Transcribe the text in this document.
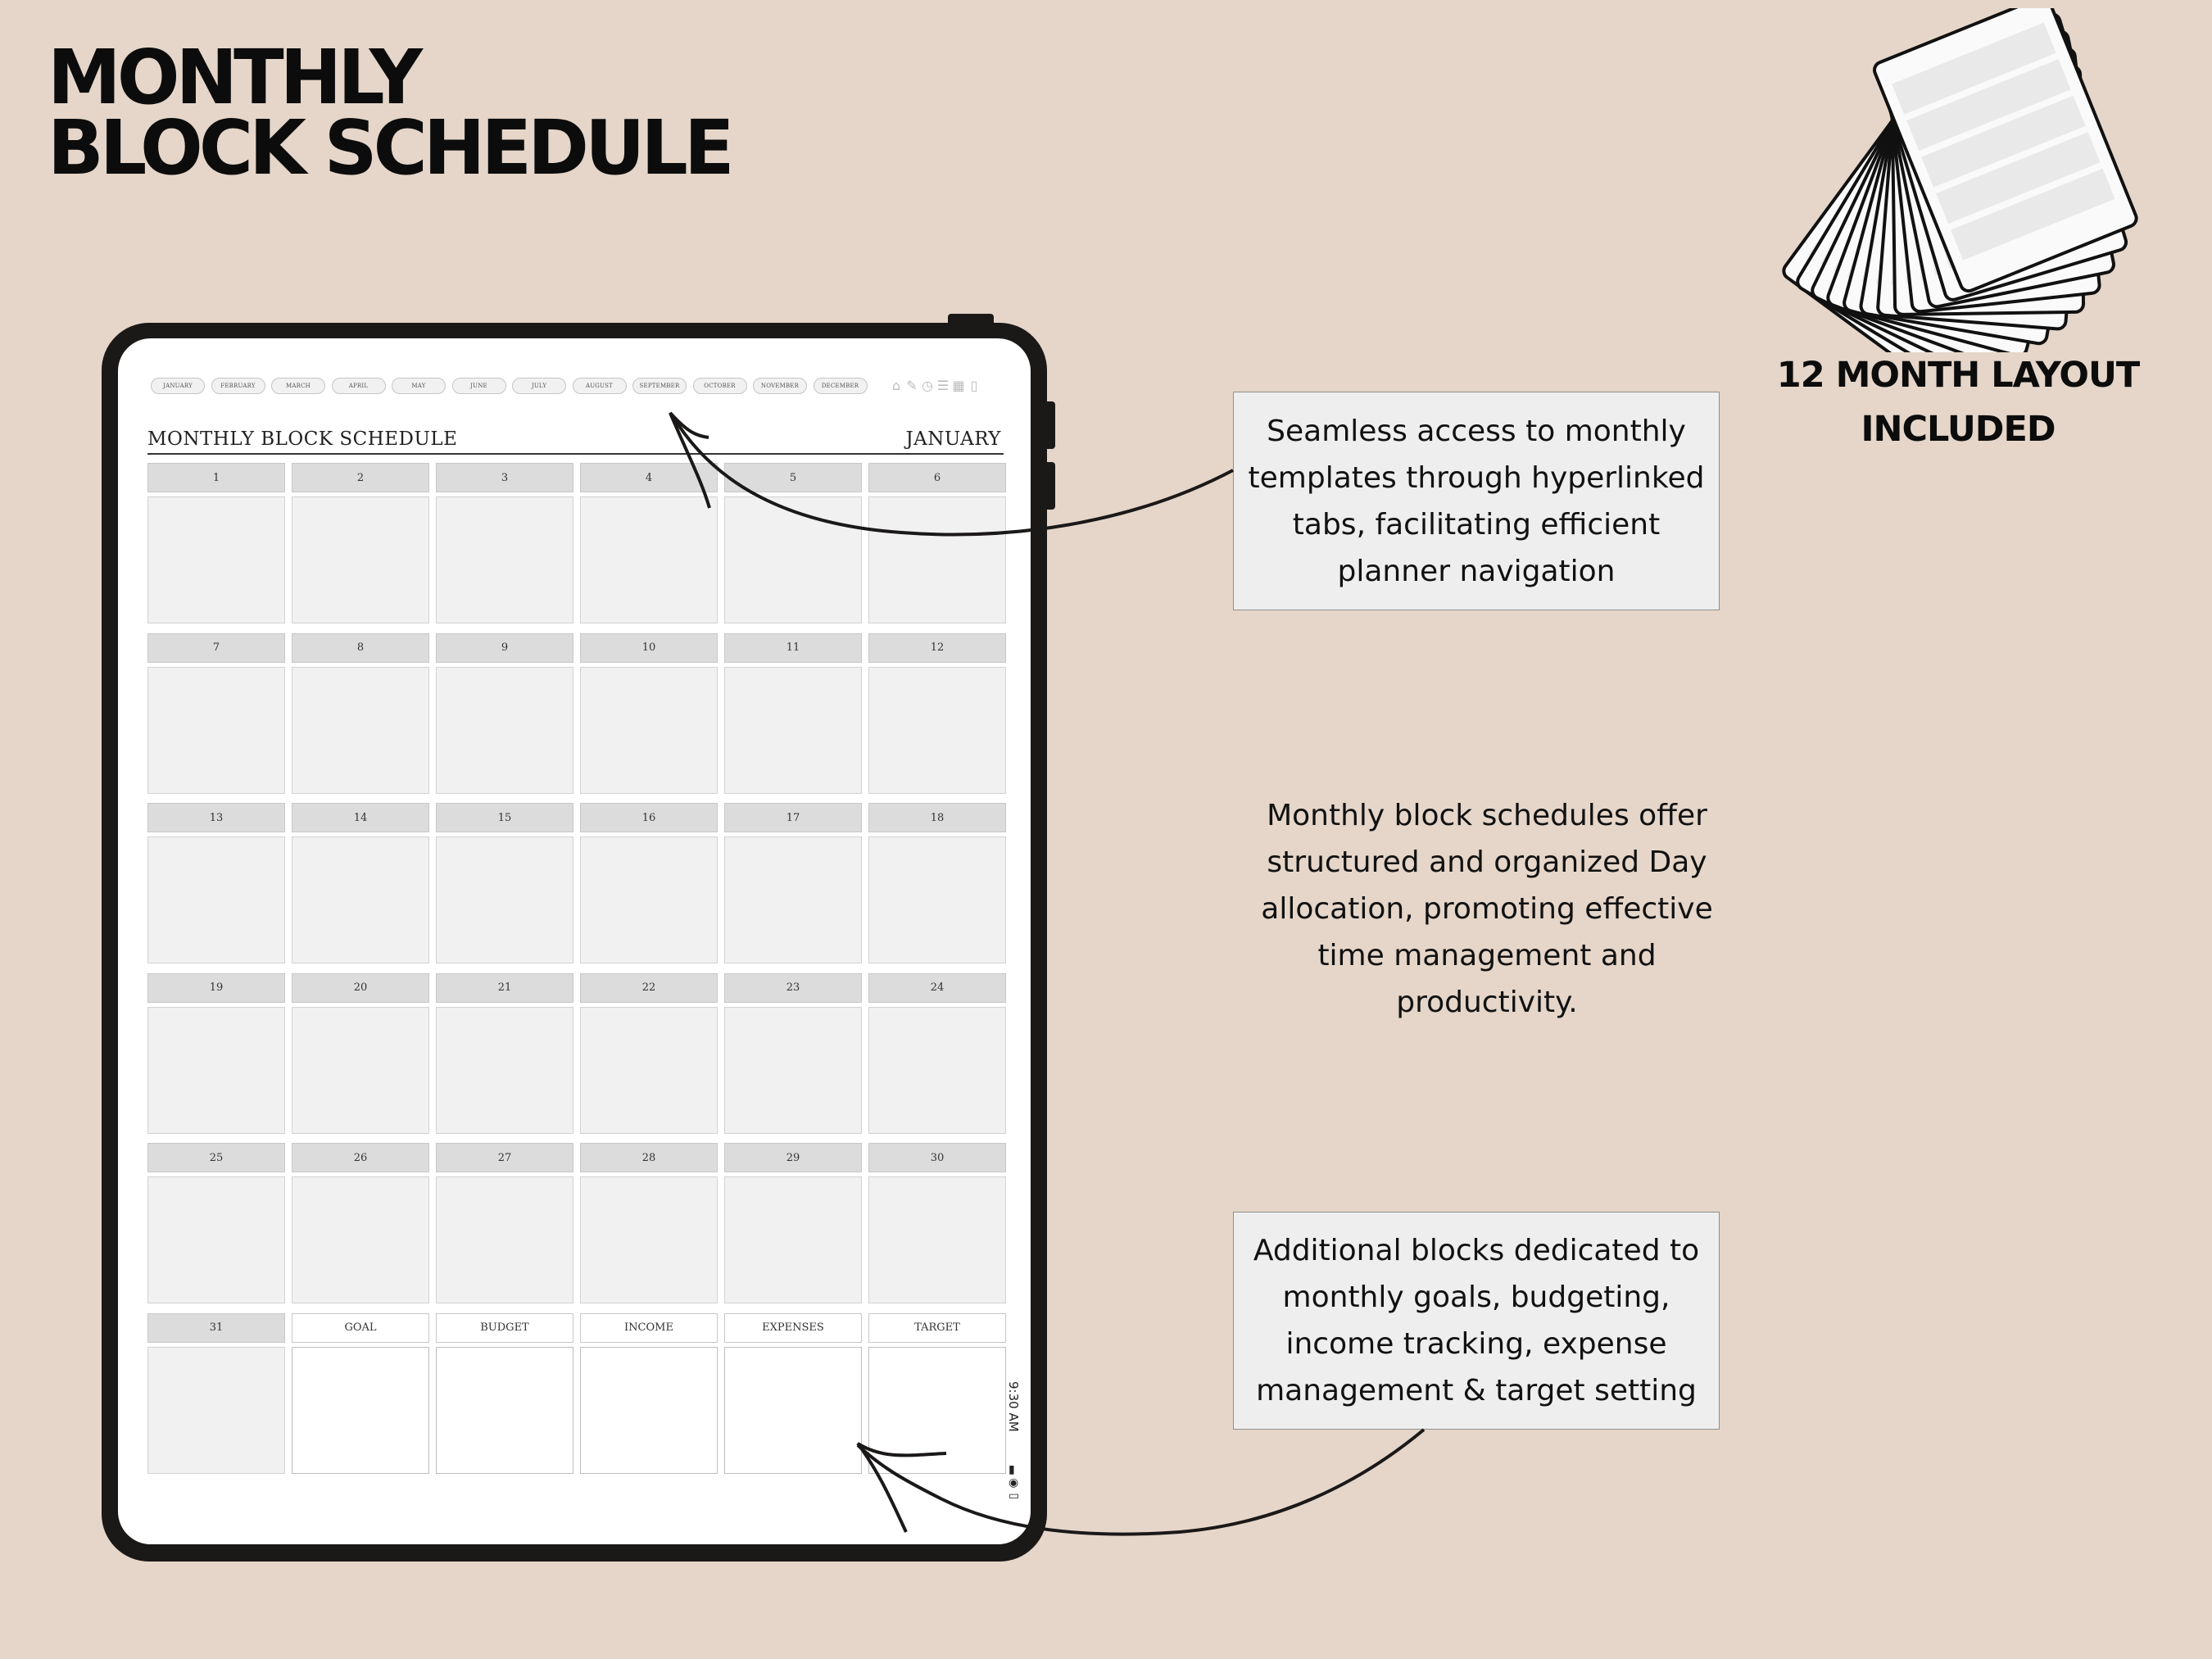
MONTHLY
BLOCK SCHEDULE
JANUARY	FEBRUARY	MARCH	APRIL	MAY	JUNE	JULY	AUGUST	SEPTEMBER	OCTOBER	NOVEMBER	DECEMBER	⌂ ✎ ◷ ☰ ▦ ▯
MONTHLY BLOCK SCHEDULE	JANUARY
1	2	3	4	5	6
7	8	9	10	11	12
13	14	15	16	17	18
19	20	21	22	23	24
25	26	27	28	29	30
31	GOAL	BUDGET	INCOME	EXPENSES	TARGET
9:30 AM
▮
◉
▭
Seamless access to monthly templates through hyperlinked tabs, facilitating efficient planner navigation
Monthly block schedules offer structured and organized Day allocation, promoting effective time management and productivity.
Additional blocks dedicated to monthly goals, budgeting, income tracking, expense management & target setting
12 MONTH LAYOUT
INCLUDED
